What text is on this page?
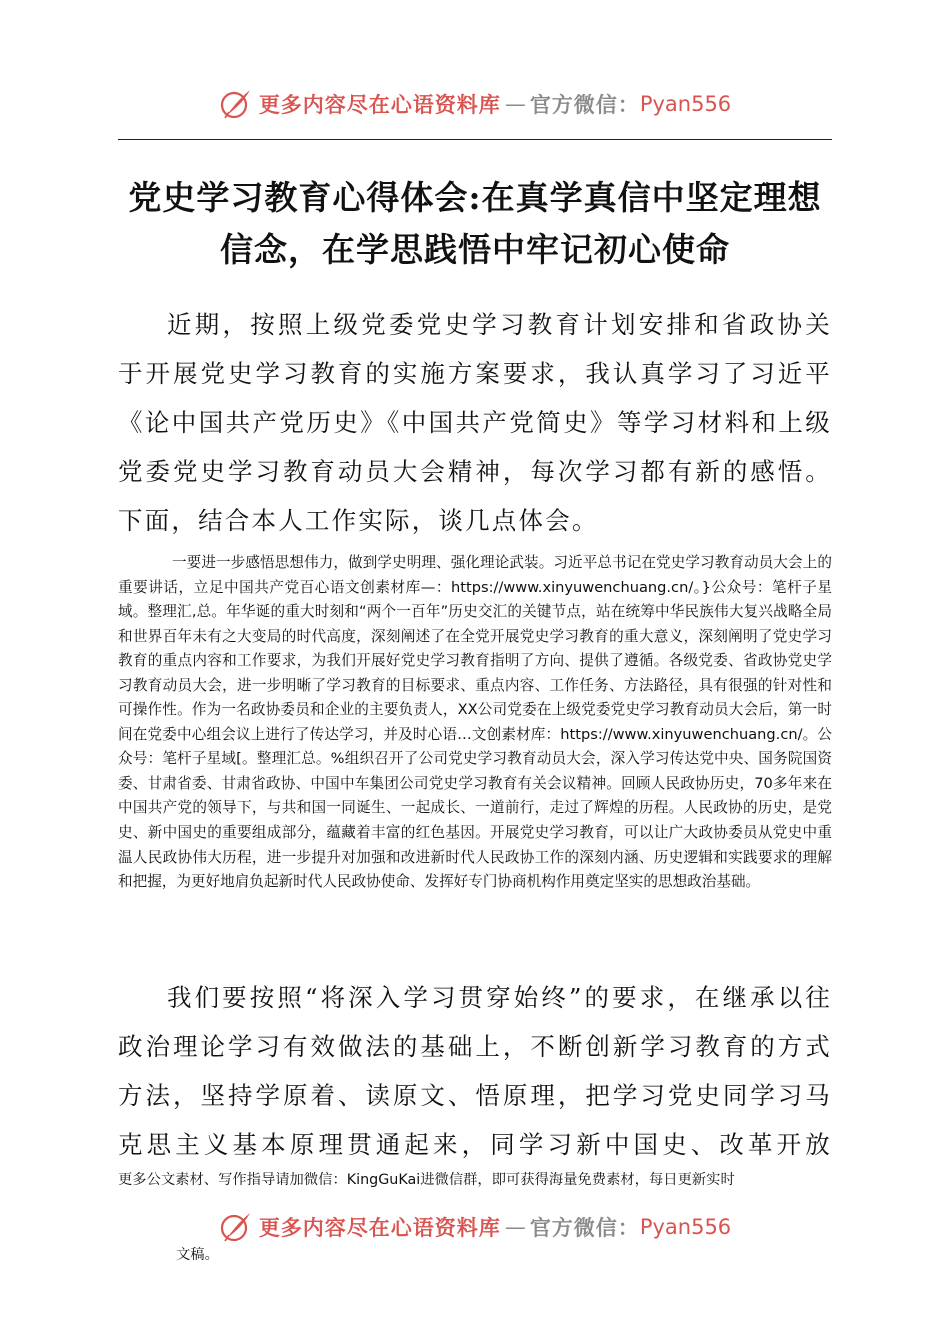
更多内容尽在心语资料库 — 官方微信： Pyan556
党史学习教育心得体会:在真学真信中坚定理想信念，在学思践悟中牢记初心使命

近期，按照上级党委党史学习教育计划安排和省政协关于开展党史学习教育的实施方案要求，我认真学习了习近平《论中国共产党历史》《中国共产党简史》等学习材料和上级党委党史学习教育动员大会精神，每次学习都有新的感悟。下面，结合本人工作实际，谈几点体会。

一要进一步感悟思想伟力，做到学史明理、强化理论武装。习近平总书记在党史学习教育动员大会上的重要讲话，立足中国共产党百心语文创素材库—：https://www.xinyuwenchuang.cn/。}公众号：笔杆子星域。整理汇,总。年华诞的重大时刻和“两个一百年”历史交汇的关键节点，站在统筹中华民族伟大复兴战略全局和世界百年未有之大变局的时代高度，深刻阐述了在全党开展党史学习教育的重大意义，深刻阐明了党史学习教育的重点内容和工作要求，为我们开展好党史学习教育指明了方向、提供了遵循。各级党委、省政协党史学习教育动员大会，进一步明晰了学习教育的目标要求、重点内容、工作任务、方法路径，具有很强的针对性和可操作性。作为一名政协委员和企业的主要负责人，XX公司党委在上级党委党史学习教育动员大会后，第一时间在党委中心组会议上进行了传达学习，并及时心语…文创素材库：https://www.xinyuwenchuang.cn/。公众号：笔杆子星域[。整理汇总。%组织召开了公司党史学习教育动员大会，深入学习传达党中央、国务院国资委、甘肃省委、甘肃省政协、中国中车集团公司党史学习教育有关会议精神。回顾人民政协历史，70多年来在中国共产党的领导下，与共和国一同诞生、一起成长、一道前行，走过了辉煌的历程。人民政协的历史，是党史、新中国史的重要组成部分，蕴藏着丰富的红色基因。开展党史学习教育，可以让广大政协委员从党史中重温人民政协伟大历程，进一步提升对加强和改进新时代人民政协工作的深刻内涵、历史逻辑和实践要求的理解和把握，为更好地肩负起新时代人民政协使命、发挥好专门协商机构作用奠定坚实的思想政治基础。

我们要按照“将深入学习贯穿始终”的要求，在继承以往政治理论学习有效做法的基础上，不断创新学习教育的方式方法，坚持学原着、读原文、悟原理，把学习党史同学习马克思主义基本原理贯通起来，同学习新中国史、改革开放

更多公文素材、写作指导请加微信：KingGuKai进微信群，即可获得海量免费素材，每日更新实时

更多内容尽在心语资料库 — 官方微信： Pyan556

文稿。
